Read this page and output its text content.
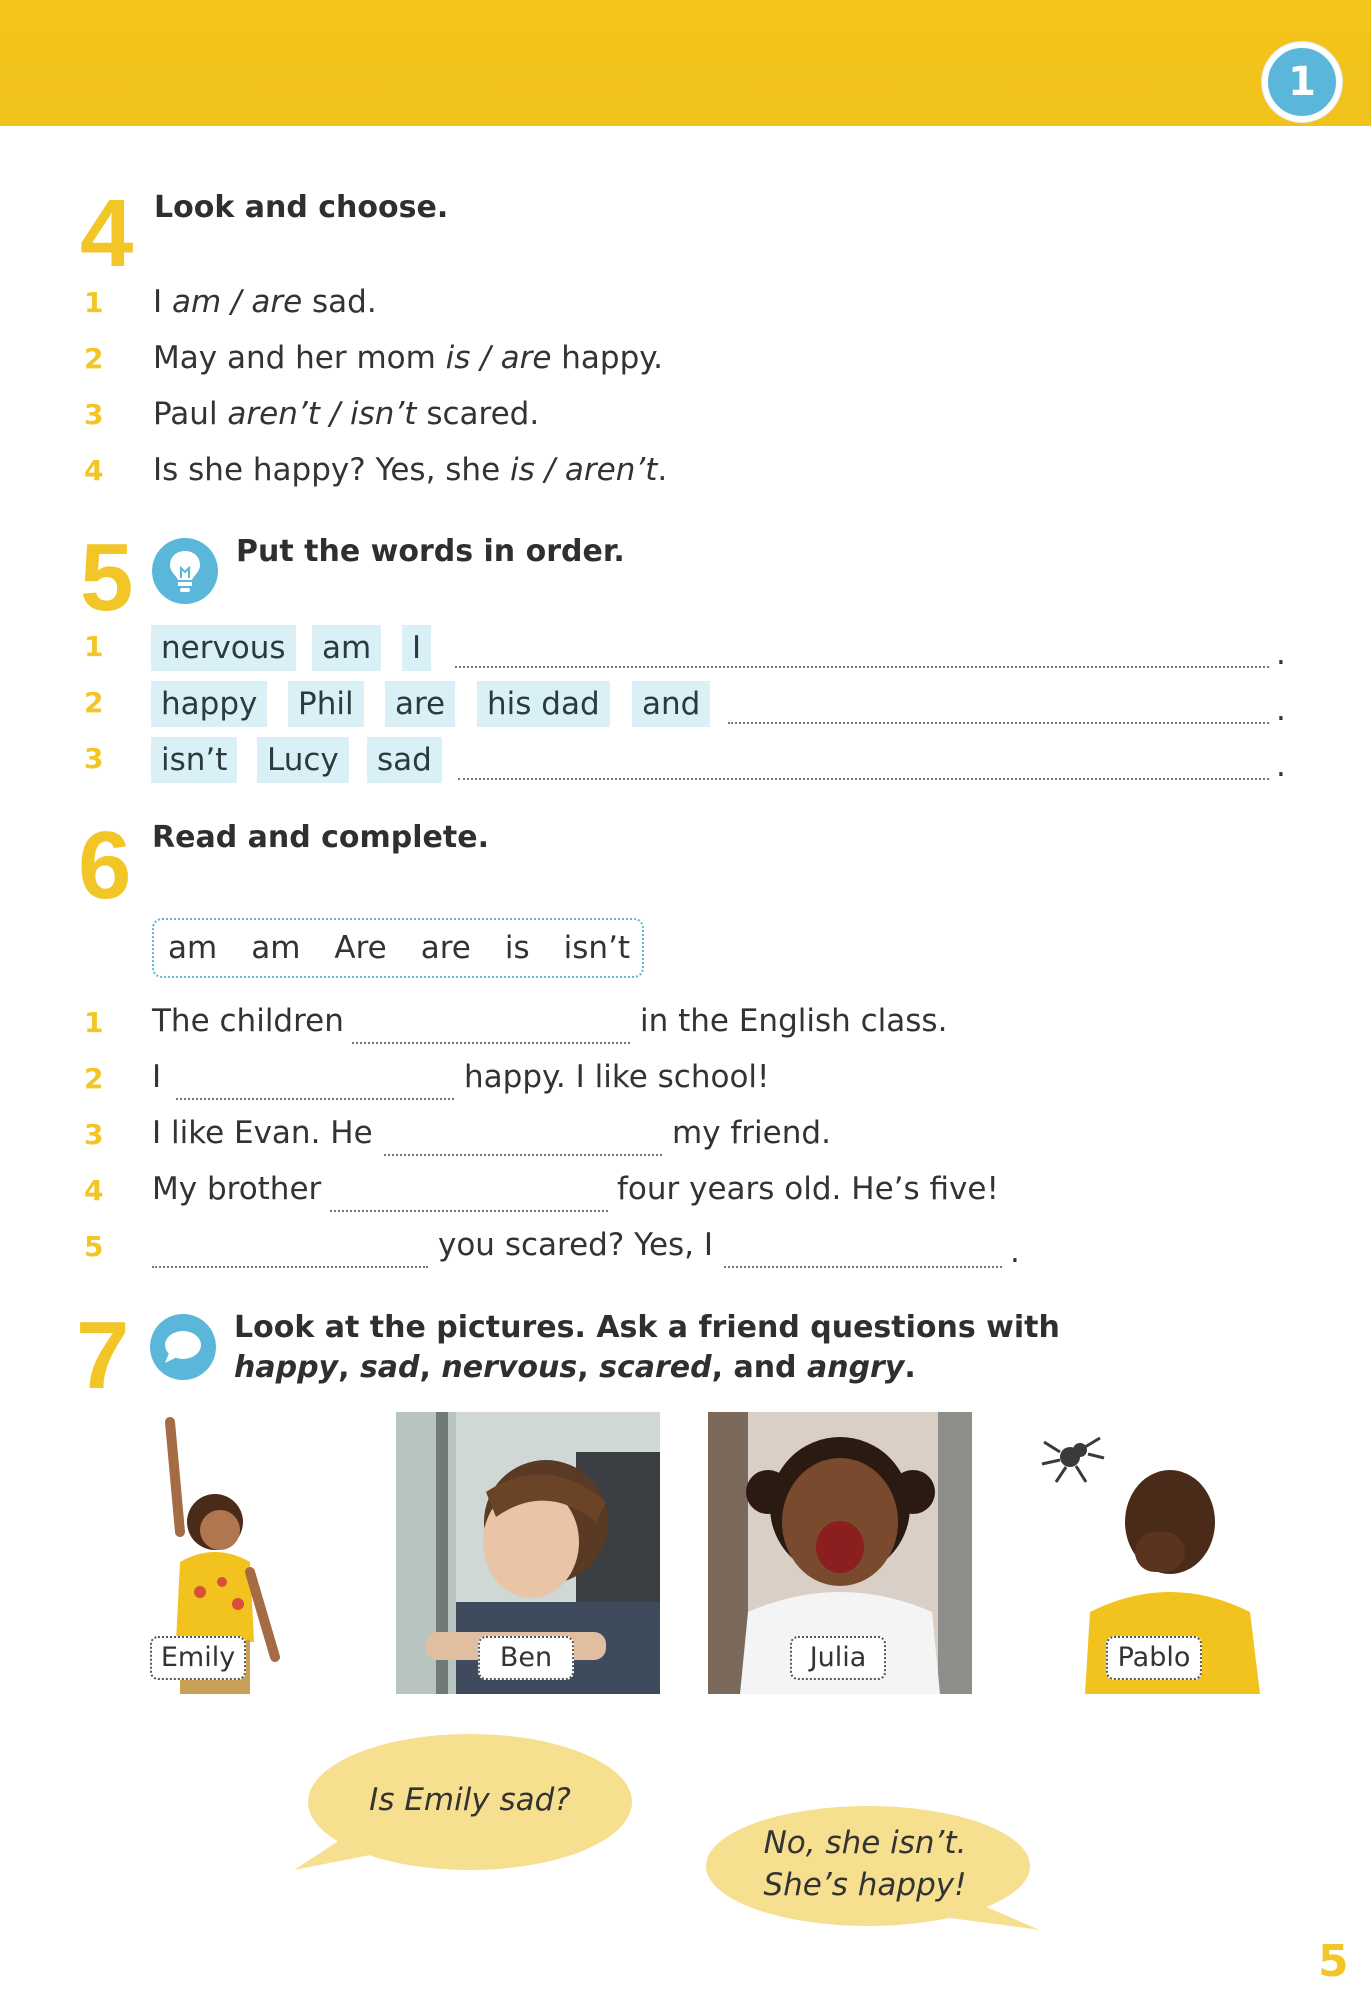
1
4 Look and choose.
1	I am / are sad.
2	May and her mom is / are happy.
3	Paul aren’t / isn’t scared.
4	Is she happy? Yes, she is / aren’t.
5	Put the words in order.
1	nervous	am	I	.
2	happy	Phil	are	his dad	and	.
3	isn’t	Lucy	sad	.
6 Read and complete.
am am Are are is isn’t
1	The children	in the English class.
2	I	happy. I like school!
3	I like Evan. He	my friend.
4	My brother	four years old. He’s five!
5	you scared? Yes, I	.
7	Look at the pictures. Ask a friend questions with
happy, sad, nervous, scared, and angry.
Emily	Ben	Julia	Pablo
Is Emily sad?
No, she isn’t.
She’s happy!
5
